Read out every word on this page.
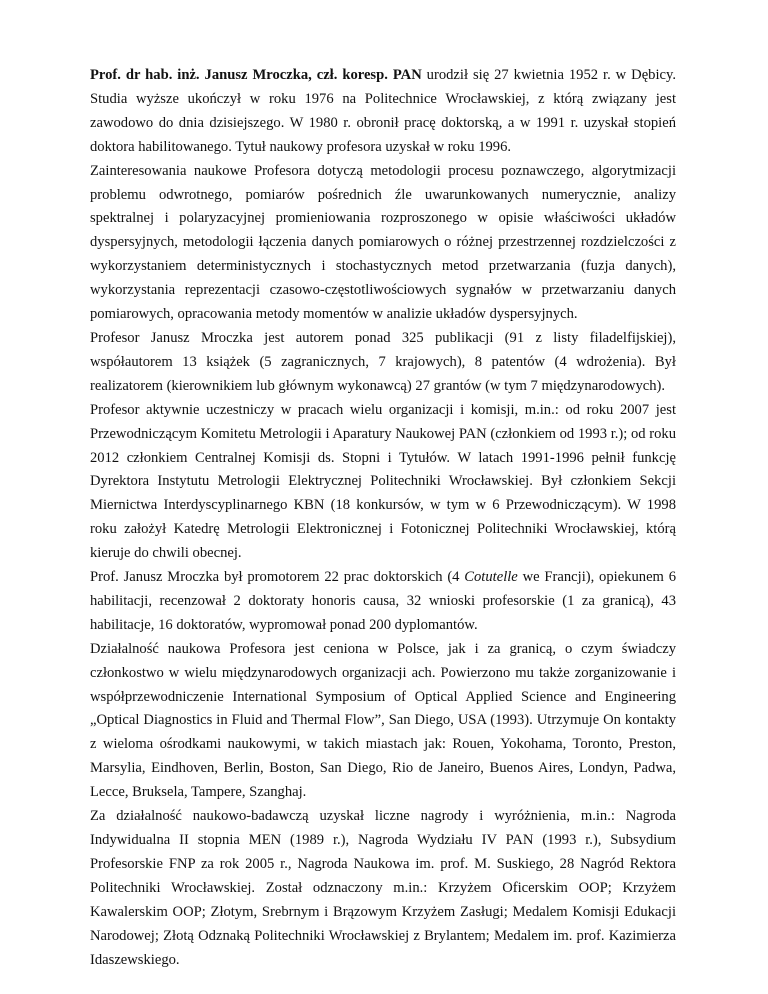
Prof. dr hab. inż. Janusz Mroczka, czł. koresp. PAN urodził się 27 kwietnia 1952 r. w Dębicy. Studia wyższe ukończył w roku 1976 na Politechnice Wrocławskiej, z którą związany jest zawodowo do dnia dzisiejszego. W 1980 r. obronił pracę doktorską, a w 1991 r. uzyskał stopień doktora habilitowanego. Tytuł naukowy profesora uzyskał w roku 1996.

Zainteresowania naukowe Profesora dotyczą metodologii procesu poznawczego, algorytmizacji problemu odwrotnego, pomiarów pośrednich źle uwarunkowanych numerycznie, analizy spektralnej i polaryzacyjnej promieniowania rozproszonego w opisie właściwości układów dyspersyjnych, metodologii łączenia danych pomiarowych o różnej przestrzennej rozdzielczości z wykorzystaniem deterministycznych i stochastycznych metod przetwarzania (fuzja danych), wykorzystania reprezentacji czasowo-częstotliwościowych sygnałów w przetwarzaniu danych pomiarowych, opracowania metody momentów w analizie układów dyspersyjnych.

Profesor Janusz Mroczka jest autorem ponad 325 publikacji (91 z listy filadelfijskiej), współautorem 13 książek (5 zagranicznych, 7 krajowych), 8 patentów (4 wdrożenia). Był realizatorem (kierownikiem lub głównym wykonawcą) 27 grantów (w tym 7 międzynarodowych).

Profesor aktywnie uczestniczy w pracach wielu organizacji i komisji, m.in.: od roku 2007 jest Przewodniczącym Komitetu Metrologii i Aparatury Naukowej PAN (członkiem od 1993 r.); od roku 2012 członkiem Centralnej Komisji ds. Stopni i Tytułów. W latach 1991-1996 pełnił funkcję Dyrektora Instytutu Metrologii Elektrycznej Politechniki Wrocławskiej. Był członkiem Sekcji Miernictwa Interdyscyplinarnego KBN (18 konkursów, w tym w 6 Przewodniczącym). W 1998 roku założył Katedrę Metrologii Elektronicznej i Fotonicznej Politechniki Wrocławskiej, którą kieruje do chwili obecnej.

Prof. Janusz Mroczka był promotorem 22 prac doktorskich (4 Cotutelle we Francji), opiekunem 6 habilitacji, recenzował 2 doktoraty honoris causa, 32 wnioski profesorskie (1 za granicą), 43 habilitacje, 16 doktoratów, wypromował ponad 200 dyplomantów.

Działalność naukowa Profesora jest ceniona w Polsce, jak i za granicą, o czym świadczy członkostwo w wielu międzynarodowych organizacji ach. Powierzono mu także zorganizowanie i współprzewodniczenie International Symposium of Optical Applied Science and Engineering „Optical Diagnostics in Fluid and Thermal Flow”, San Diego, USA (1993). Utrzymuje On kontakty z wieloma ośrodkami naukowymi, w takich miastach jak: Rouen, Yokohama, Toronto, Preston, Marsylia, Eindhoven, Berlin, Boston, San Diego, Rio de Janeiro, Buenos Aires, Londyn, Padwa, Lecce, Bruksela, Tampere, Szanghaj.

Za działalność naukowo-badawczą uzyskał liczne nagrody i wyróżnienia, m.in.: Nagroda Indywidualna II stopnia MEN (1989 r.), Nagroda Wydziału IV PAN (1993 r.), Subsydium Profesorskie FNP za rok 2005 r., Nagroda Naukowa im. prof. M. Suskiego, 28 Nagród Rektora Politechniki Wrocławskiej. Został odznaczony m.in.: Krzyżem Oficerskim OOP; Krzyżem Kawalerskim OOP; Złotym, Srebrnym i Brązowym Krzyżem Zasługi; Medalem Komisji Edukacji Narodowej; Złotą Odznaką Politechniki Wrocławskiej z Brylantem; Medalem im. prof. Kazimierza Idaszewskiego.
